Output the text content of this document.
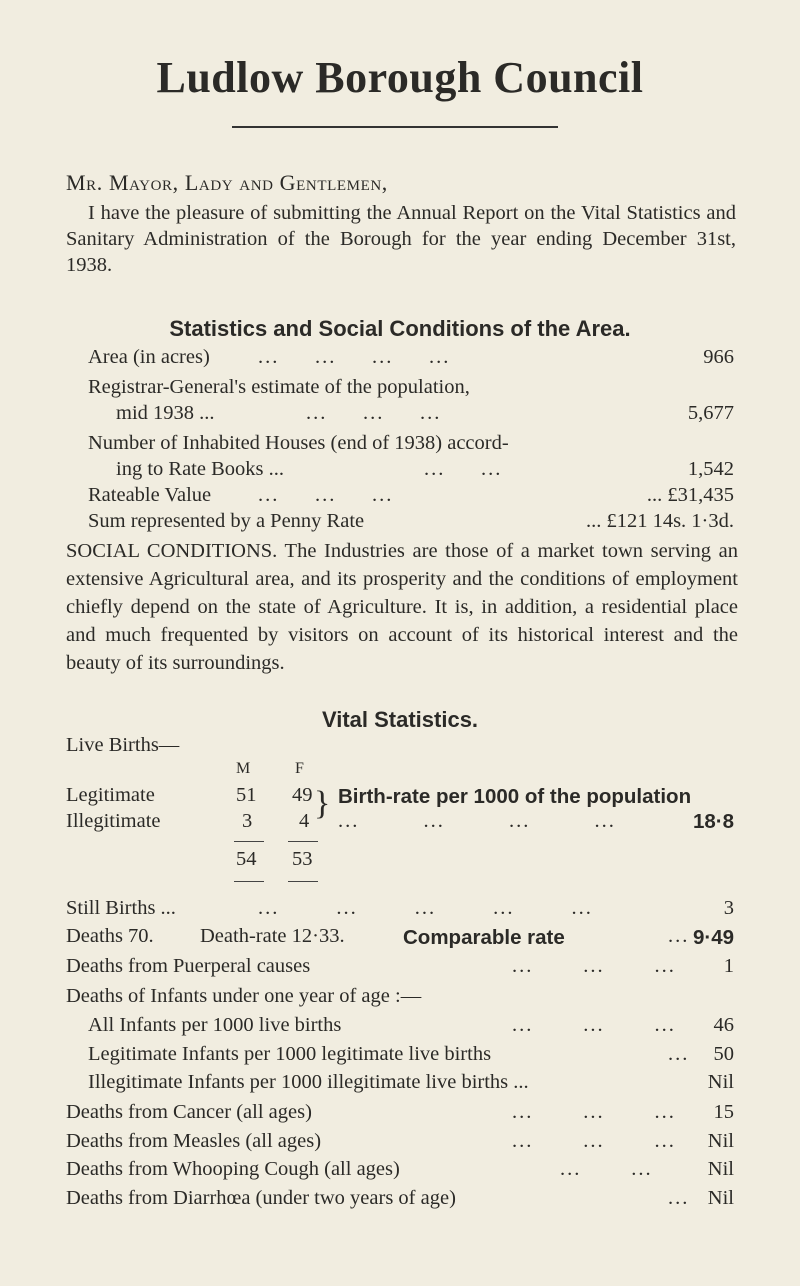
Ludlow Borough Council
Mr. Mayor, Lady and Gentlemen,
I have the pleasure of submitting the Annual Report on the Vital Statistics and Sanitary Administration of the Borough for the year ending December 31st, 1938.
Statistics and Social Conditions of the Area.
Area (in acres) ...     ...     ...     ...	966
Registrar-General's estimate of the population,
mid 1938 ...	...     ...     ...	5,677
Number of Inhabited Houses (end of 1938) accord-
ing to Rate Books ...	...     ...	1,542
Rateable Value ...     ...     ...	... £31,435
Sum represented by a Penny Rate	... £121 14s. 1·3d.
SOCIAL CONDITIONS. The Industries are those of a market town serving an extensive Agricultural area, and its prosperity and the conditions of employment chiefly depend on the state of Agriculture. It is, in addition, a residential place and much frequented by visitors on account of its historical interest and the beauty of its surroundings.
Vital Statistics.
Live Births—
M	F
Legitimate	51 49
Illegitimate	3 4 } Birth-rate per 1000 of the population
...         ...         ...         ...	18·8
54 53
Still Births ...	...        ...        ...        ...        ...	3
Deaths 70. Death-rate 12·33.	Comparable rate	... 9·49
Deaths from Puerperal causes	...       ...       ... 1
Deaths of Infants under one year of age :—
All Infants per 1000 live births	...       ...       ... 46
Legitimate Infants per 1000 legitimate live births	... 50
Illegitimate Infants per 1000 illegitimate live births ...	Nil
Deaths from Cancer (all ages)	...       ...       ... 15
Deaths from Measles (all ages)	...       ...       ... Nil
Deaths from Whooping Cough (all ages)	...       ...	Nil
Deaths from Diarrhœa (under two years of age)	... Nil
